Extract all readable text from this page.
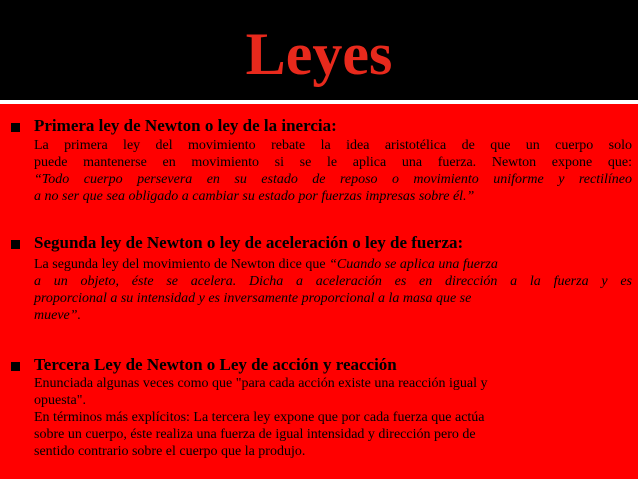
Leyes
Primera ley de Newton o ley de la inercia:
La primera ley del movimiento rebate la idea aristotélica de que un cuerpo solo
puede mantenerse en movimiento si se le aplica una fuerza. Newton expone que:
“Todo cuerpo persevera en su estado de reposo o movimiento uniforme y rectilíneo
a no ser que sea obligado a cambiar su estado por fuerzas impresas sobre él.”
Segunda ley de Newton o ley de aceleración o ley de fuerza:
La segunda ley del movimiento de Newton dice que “Cuando se aplica una fuerza
a un objeto, éste se acelera. Dicha a aceleración es en dirección a la fuerza y es
proporcional a su intensidad y es inversamente proporcional a la masa que se
mueve”.
Tercera Ley de Newton o Ley de acción y reacción
Enunciada algunas veces como que "para cada acción existe una reacción igual y
opuesta".
En términos más explícitos: La tercera ley expone que por cada fuerza que actúa
sobre un cuerpo, éste realiza una fuerza de igual intensidad y dirección pero de
sentido contrario sobre el cuerpo que la produjo.
